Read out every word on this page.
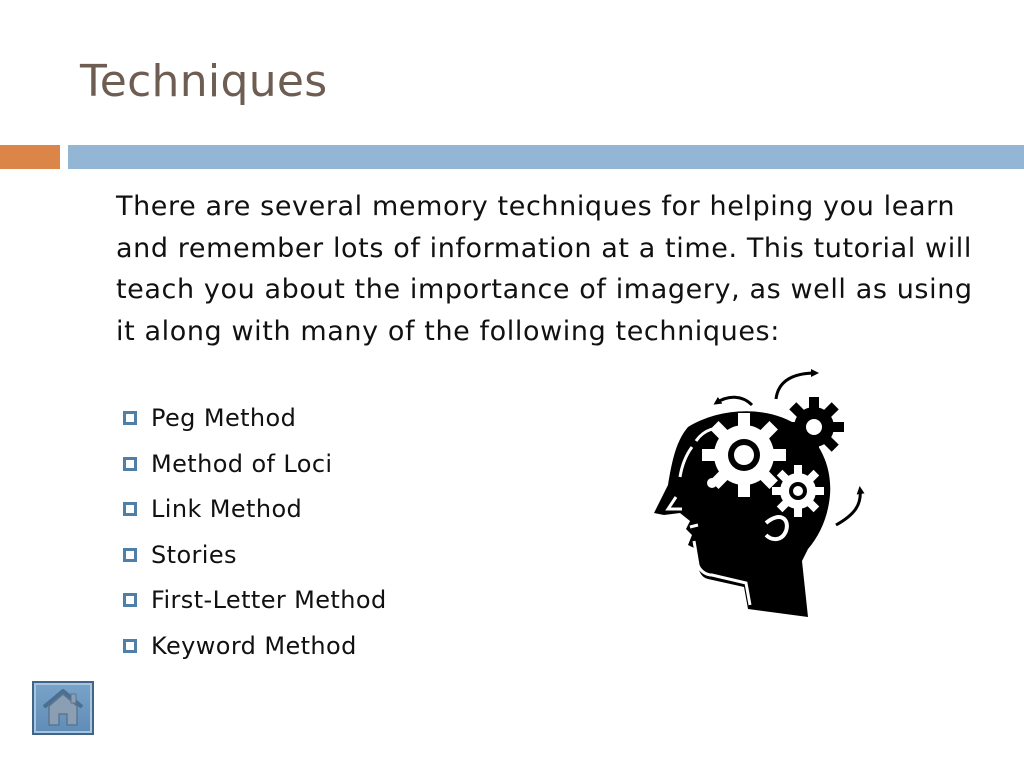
Techniques

There are several memory techniques for helping you learn and remember lots of information at a time. This tutorial will teach you about the importance of imagery, as well as using it along with many of the following techniques:

Peg Method
Method of Loci
Link Method
Stories
First-Letter Method
Keyword Method
